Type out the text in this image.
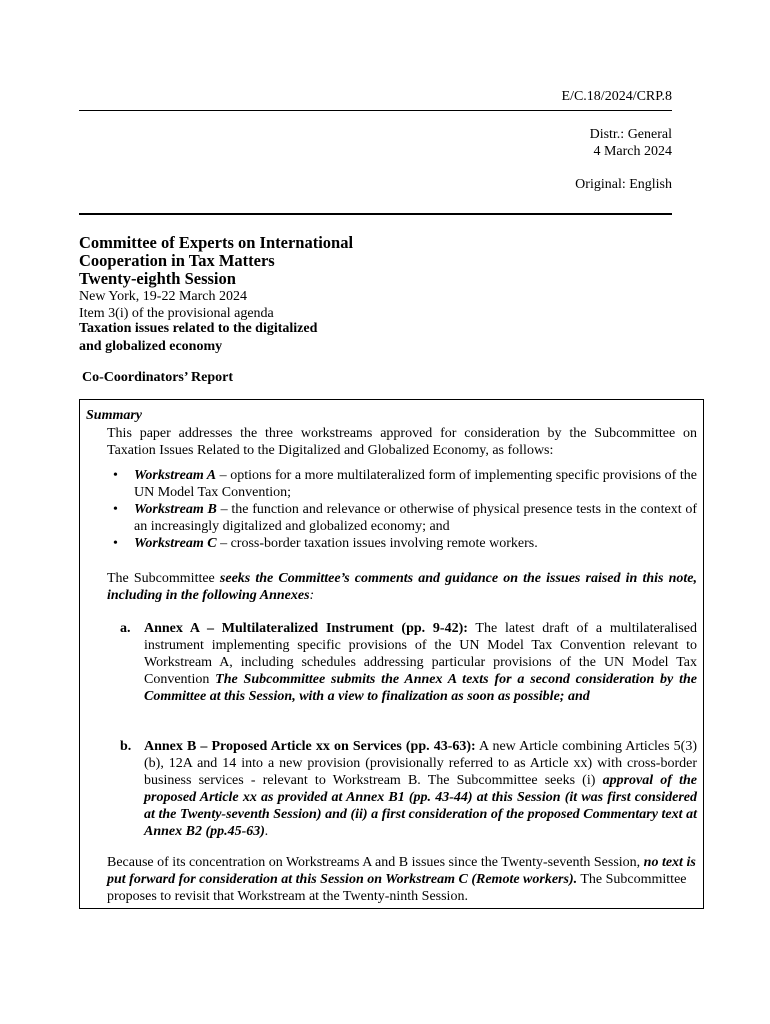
E/C.18/2024/CRP.8
Distr.: General
4 March 2024
Original: English
Committee of Experts on International
Cooperation in Tax Matters
Twenty-eighth Session
New York, 19-22 March 2024
Item 3(i) of the provisional agenda
Taxation issues related to the digitalized
and globalized economy
Co-Coordinators’ Report
Summary
This paper addresses the three workstreams approved for consideration by the Subcommittee on Taxation Issues Related to the Digitalized and Globalized Economy, as follows:
• Workstream A – options for a more multilateralized form of implementing specific provisions of the UN Model Tax Convention;
• Workstream B – the function and relevance or otherwise of physical presence tests in the context of an increasingly digitalized and globalized economy; and
• Workstream C – cross-border taxation issues involving remote workers.
The Subcommittee seeks the Committee’s comments and guidance on the issues raised in this note, including in the following Annexes:
a. Annex A – Multilateralized Instrument (pp. 9-42): The latest draft of a multilateralised instrument implementing specific provisions of the UN Model Tax Convention relevant to Workstream A, including schedules addressing particular provisions of the UN Model Tax Convention The Subcommittee submits the Annex A texts for a second consideration by the Committee at this Session, with a view to finalization as soon as possible; and
b. Annex B – Proposed Article xx on Services (pp. 43-63): A new Article combining Articles 5(3)(b), 12A and 14 into a new provision (provisionally referred to as Article xx) with cross-border business services - relevant to Workstream B. The Subcommittee seeks (i) approval of the proposed Article xx as provided at Annex B1 (pp. 43-44) at this Session (it was first considered at the Twenty-seventh Session) and (ii) a first consideration of the proposed Commentary text at Annex B2 (pp.45-63).
Because of its concentration on Workstreams A and B issues since the Twenty-seventh Session, no text is put forward for consideration at this Session on Workstream C (Remote workers). The Subcommittee proposes to revisit that Workstream at the Twenty-ninth Session.
